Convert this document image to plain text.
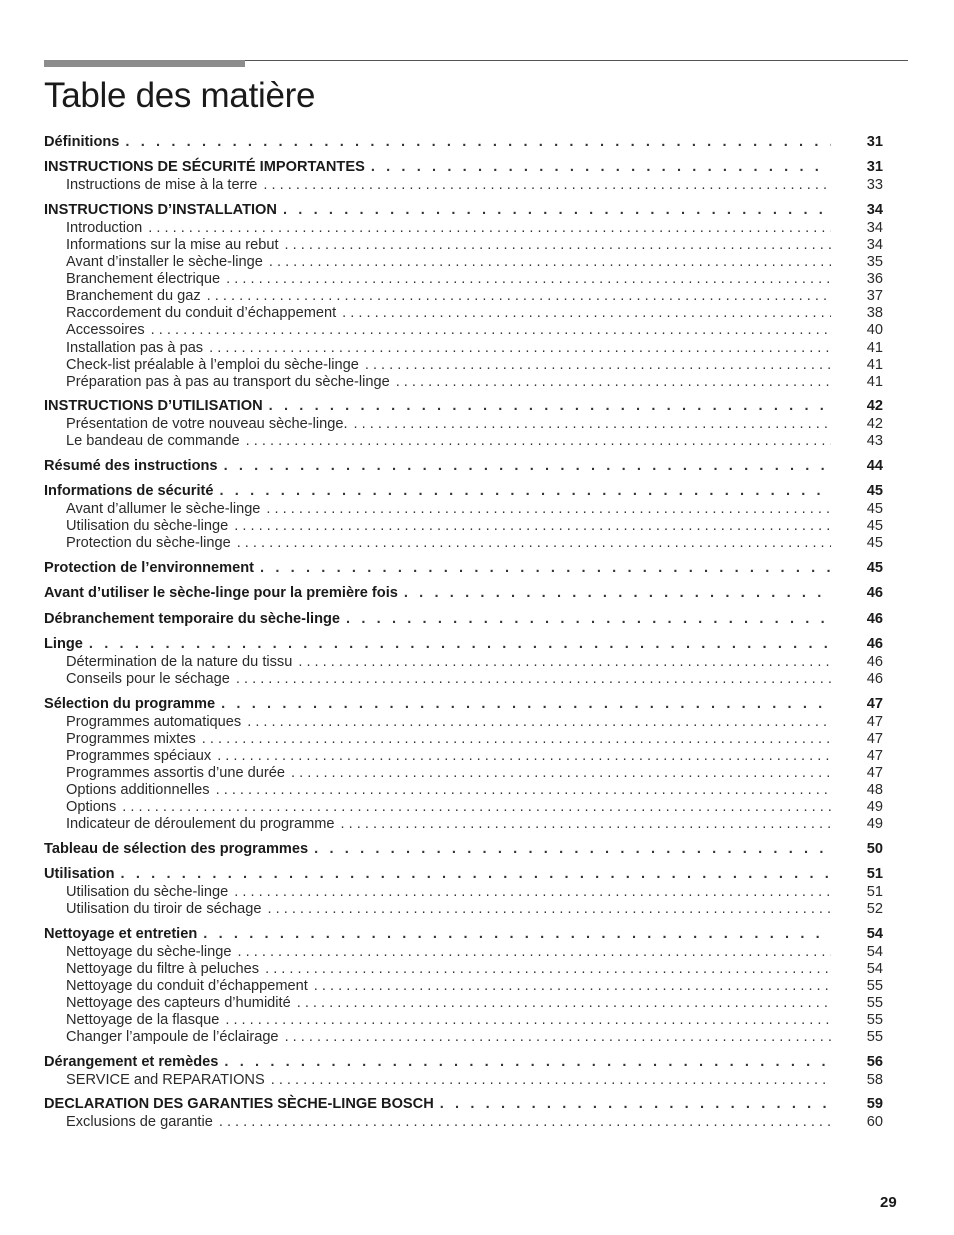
Table des matière
Définitions . . .	31
INSTRUCTIONS DE SÉCURITÉ IMPORTANTES . . .	31
Instructions de mise à la terre . . .	33
INSTRUCTIONS D’INSTALLATION . . .	34
Introduction . . .	34
Informations sur la mise au rebut . . .	34
Avant d’installer le sèche-linge . . .	35
Branchement électrique . . .	36
Branchement du gaz . . .	37
Raccordement du conduit d’échappement . . .	38
Accessoires . . .	40
Installation pas à pas . . .	41
Check-list préalable à l’emploi du sèche-linge . . .	41
Préparation pas à pas au transport du sèche-linge . . .	41
INSTRUCTIONS D’UTILISATION . . .	42
Présentation de votre nouveau sèche-linge. . . .	42
Le bandeau de commande . . .	43
Résumé des instructions . . .	44
Informations de sécurité . . .	45
Avant d’allumer le sèche-linge . . .	45
Utilisation du sèche-linge . . .	45
Protection du sèche-linge . . .	45
Protection de l’environnement . . .	45
Avant d’utiliser le sèche-linge pour la première fois . . .	46
Débranchement temporaire du sèche-linge . . .	46
Linge . . .	46
Détermination de la nature du tissu . . .	46
Conseils pour le séchage . . .	46
Sélection du programme . . .	47
Programmes automatiques . . .	47
Programmes mixtes . . .	47
Programmes spéciaux . . .	47
Programmes assortis d’une durée . . .	47
Options additionnelles . . .	48
Options . . .	49
Indicateur de déroulement du programme . . .	49
Tableau de sélection des programmes . . .	50
Utilisation . . .	51
Utilisation du sèche-linge . . .	51
Utilisation du tiroir de séchage . . .	52
Nettoyage et entretien . . .	54
Nettoyage du sèche-linge . . .	54
Nettoyage du filtre à peluches . . .	54
Nettoyage du conduit d’échappement . . .	55
Nettoyage des capteurs d’humidité . . .	55
Nettoyage de la flasque . . .	55
Changer l’ampoule de l’éclairage . . .	55
Dérangement et remèdes . . .	56
SERVICE and REPARATIONS . . .	58
DECLARATION DES GARANTIES SÈCHE-LINGE BOSCH . . .	59
Exclusions de garantie . . .	60
29
